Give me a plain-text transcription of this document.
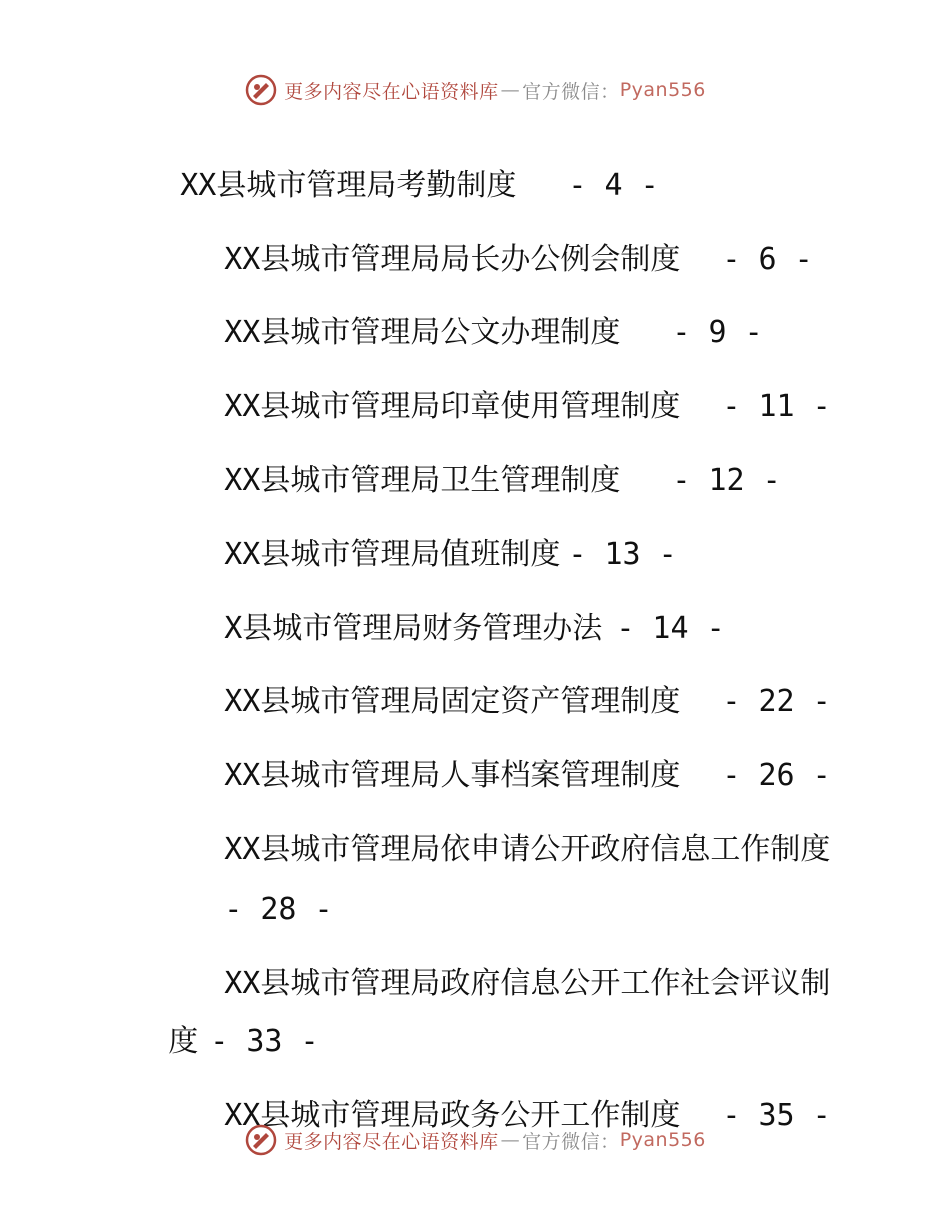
更多内容尽在心语资料库 — 官方微信： Pyan556

XX县城市管理局考勤制度 - 4 -

XX县城市管理局局长办公例会制度 - 6 -

XX县城市管理局公文办理制度 - 9 -

XX县城市管理局印章使用管理制度 - 11 -

XX县城市管理局卫生管理制度 - 12 -

XX县城市管理局值班制度 - 13 -

X县城市管理局财务管理办法 - 14 -

XX县城市管理局固定资产管理制度 - 22 -

XX县城市管理局人事档案管理制度 - 26 -

XX县城市管理局依申请公开政府信息工作制度

- 28 -

XX县城市管理局政府信息公开工作社会评议制

度 - 33 -

XX县城市管理局政务公开工作制度 - 35 -

更多内容尽在心语资料库 — 官方微信： Pyan556
